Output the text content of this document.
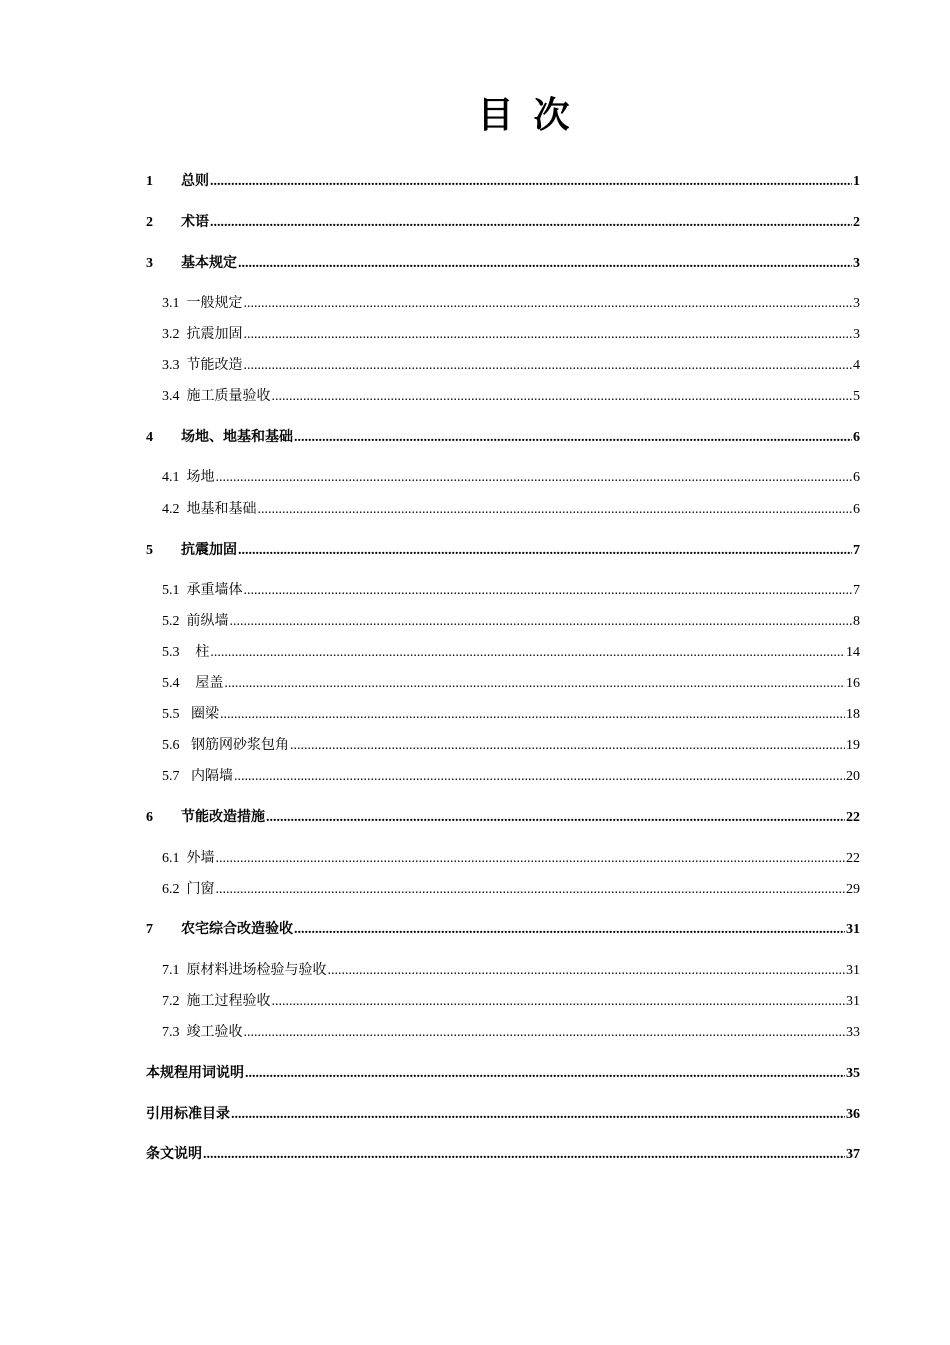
目 次
1	总则 .....	1
2	术语 .....	2
3	基本规定 .....	3
3.1 一般规定 .....	3
3.2 抗震加固 .....	3
3.3 节能改造 .....	4
3.4 施工质量验收 .....	5
4	场地、地基和基础 .....	6
4.1 场地 .....	6
4.2 地基和基础 .....	6
5	抗震加固 .....	7
5.1 承重墙体 .....	7
5.2 前纵墙 .....	8
5.3 柱 .....	14
5.4 屋盖 .....	16
5.5 圈梁 .....	18
5.6 钢筋网砂浆包角 .....	19
5.7 内隔墙 .....	20
6	节能改造措施 .....	22
6.1 外墙 .....	22
6.2 门窗 .....	29
7	农宅综合改造验收 .....	31
7.1 原材料进场检验与验收 .....	31
7.2 施工过程验收 .....	31
7.3 竣工验收 .....	33
本规程用词说明 .....	35
引用标准目录 .....	36
条文说明 .....	37
